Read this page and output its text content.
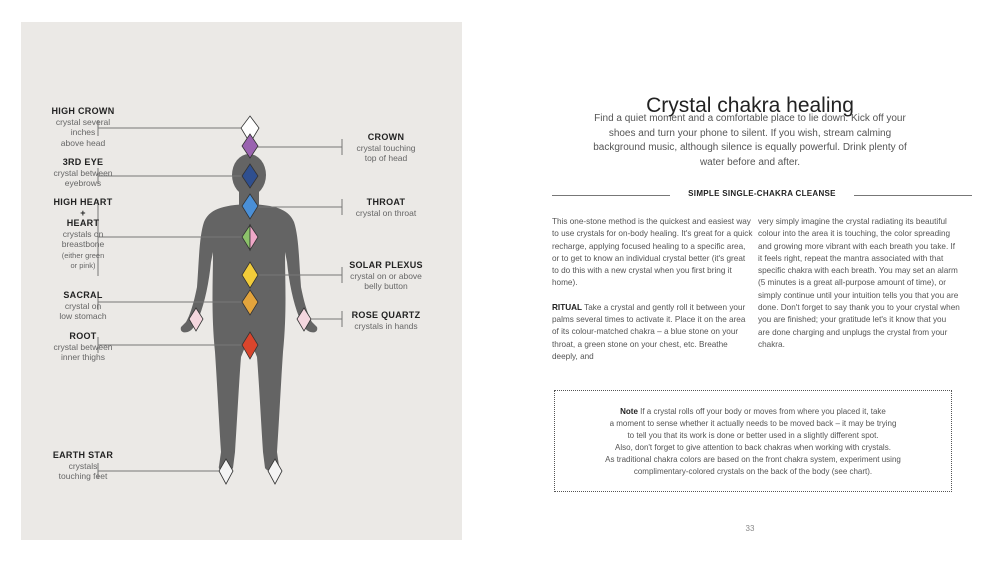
HIGH CROWN
crystal several
inches
above head
3RD EYE
crystal between
eyebrows
HIGH HEART
+
HEART
crystals on
breastbone
(either green
or pink)
SACRAL
crystal on
low stomach
ROOT
crystal between
inner thighs
EARTH STAR
crystals
touching feet
CROWN
crystal touching
top of head
THROAT
crystal on throat
SOLAR PLEXUS
crystal on or above
belly button
ROSE QUARTZ
crystals in hands
Crystal chakra healing
Find a quiet moment and a comfortable place to lie down. Kick off your shoes and turn your phone to silent. If you wish, stream calming background music, although silence is equally powerful. Drink plenty of water before and after.
SIMPLE SINGLE-CHAKRA CLEANSE

This one-stone method is the quickest and easiest way to use crystals for on-body healing. It's great for a quick recharge, applying focused healing to a specific area, or to get to know an individual crystal better (it's great to do this with a new crystal when you first bring it home).

RITUAL Take a crystal and gently roll it between your palms several times to activate it. Place it on the area of its colour-matched chakra – a blue stone on your throat, a green stone on your chest, etc. Breathe deeply, and

very simply imagine the crystal radiating its beautiful colour into the area it is touching, the color spreading and growing more vibrant with each breath you take. If it feels right, repeat the mantra associated with that specific chakra with each breath. You may set an alarm (5 minutes is a great all-purpose amount of time), or simply continue until your intuition tells you that you are done. Don't forget to say thank you to your crystal when you are finished; your gratitude let's it know that you are done charging and unplugs the crystal from your chakra.

Note If a crystal rolls off your body or moves from where you placed it, take
a moment to sense whether it actually needs to be moved back – it may be trying
to tell you that its work is done or better used in a slightly different spot.
Also, don't forget to give attention to back chakras when working with crystals.
As traditional chakra colors are based on the front chakra system, experiment using
complimentary-colored crystals on the back of the body (see chart).
33
